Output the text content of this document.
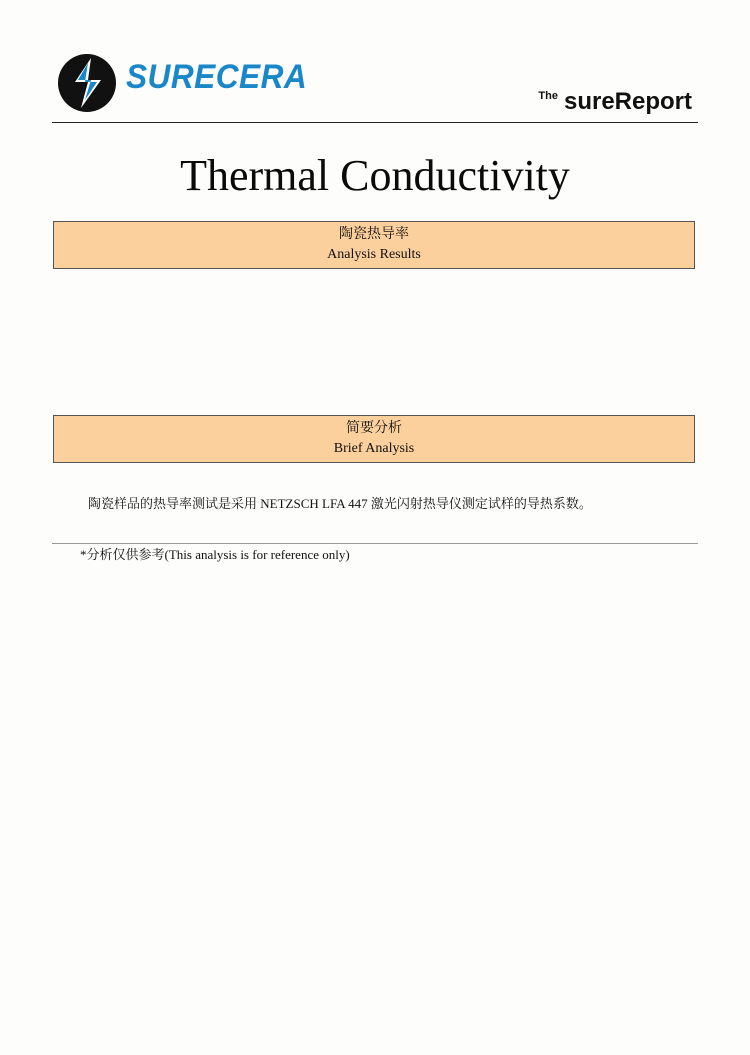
SURECERA	$^{The}$ sureReport
Thermal Conductivity
陶瓷热导率
Analysis Results
简要分析
Brief Analysis
陶瓷样品的热导率测试是采用 NETZSCH LFA 447 激光闪射热导仪测定试样的导热系数。
*分析仅供参考(This analysis is for reference only)
